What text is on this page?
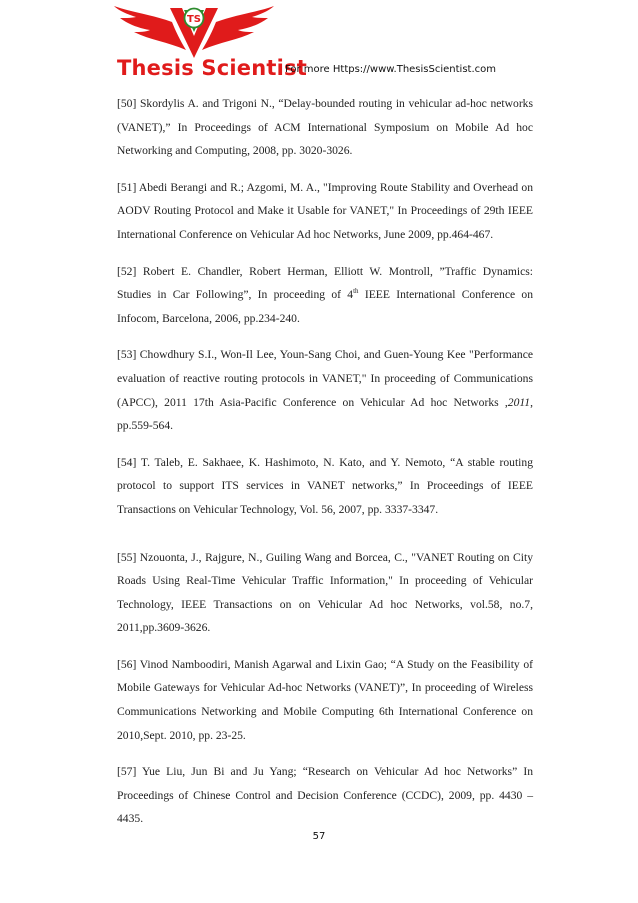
TS
Thesis Scientist
For more Https://www.ThesisScientist.com

[50] Skordylis A. and Trigoni N., “Delay-bounded routing in vehicular ad-hoc networks (VANET),” In Proceedings of ACM International Symposium on Mobile Ad hoc Networking and Computing, 2008, pp. 3020-3026.

[51] Abedi Berangi and R.; Azgomi, M. A., "Improving Route Stability and Overhead on AODV Routing Protocol and Make it Usable for VANET," In Proceedings of 29th IEEE International Conference on Vehicular Ad hoc Networks, June 2009, pp.464-467.

[52] Robert E. Chandler, Robert Herman, Elliott W. Montroll, ”Traffic Dynamics: Studies in Car Following”, In proceeding of 4th IEEE International Conference on Infocom, Barcelona, 2006, pp.234-240.

[53] Chowdhury S.I., Won-Il Lee, Youn-Sang Choi, and Guen-Young Kee "Performance evaluation of reactive routing protocols in VANET," In proceeding of Communications (APCC), 2011 17th Asia-Pacific Conference on Vehicular Ad hoc Networks ,2011, pp.559-564.

[54] T. Taleb, E. Sakhaee, K. Hashimoto, N. Kato, and Y. Nemoto, “A stable routing protocol to support ITS services in VANET networks,” In Proceedings of IEEE Transactions on Vehicular Technology, Vol. 56, 2007, pp. 3337-3347.

[55] Nzouonta, J., Rajgure, N., Guiling Wang and Borcea, C., "VANET Routing on City Roads Using Real-Time Vehicular Traffic Information," In proceeding of Vehicular Technology, IEEE Transactions on on Vehicular Ad hoc Networks, vol.58, no.7, 2011,pp.3609-3626.

[56] Vinod Namboodiri, Manish Agarwal and Lixin Gao; “A Study on the Feasibility of Mobile Gateways for Vehicular Ad-hoc Networks (VANET)”, In proceeding of Wireless Communications Networking and Mobile Computing 6th International Conference on 2010,Sept. 2010, pp. 23-25.

[57] Yue Liu, Jun Bi and Ju Yang; “Research on Vehicular Ad hoc Networks” In Proceedings of Chinese Control and Decision Conference (CCDC), 2009, pp. 4430 – 4435.

57
